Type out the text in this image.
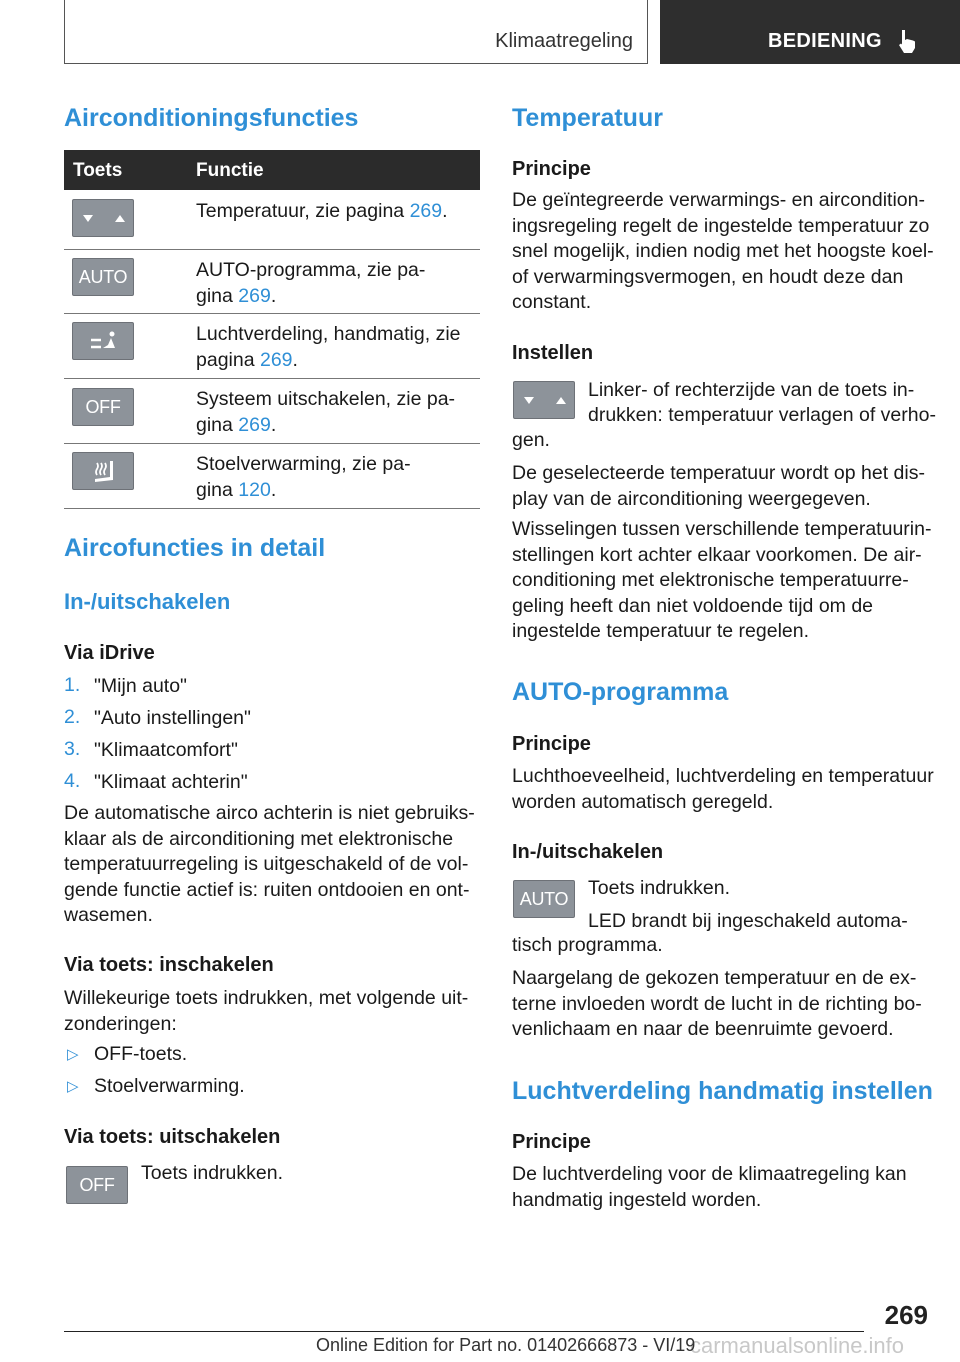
Klimaatregeling	BEDIENING
Airconditioningsfuncties
Toets	Functie
Temperatuur, zie pagina 269.
AUTO	AUTO-programma, zie pa-
gina 269.
Luchtverdeling, handmatig, zie
pagina 269.
OFF	Systeem uitschakelen, zie pa-
gina 269.
Stoelverwarming, zie pa-
gina 120.
Aircofuncties in detail
In-/uitschakelen
Via iDrive
1. "Mijn auto"
2. "Auto instellingen"
3. "Klimaatcomfort"
4. "Klimaat achterin"
De automatische airco achterin is niet gebruiks-
klaar als de airconditioning met elektronische
temperatuurregeling is uitgeschakeld of de vol-
gende functie actief is: ruiten ontdooien en ont-
wasemen.
Via toets: inschakelen
Willekeurige toets indrukken, met volgende uit-
zonderingen:
▷ OFF-toets.
▷ Stoelverwarming.
Via toets: uitschakelen
OFF
Toets indrukken.
Temperatuur
Principe
De geïntegreerde verwarmings- en aircondition-
ingsregeling regelt de ingestelde temperatuur zo
snel mogelijk, indien nodig met het hoogste koel-
of verwarmingsvermogen, en houdt deze dan
constant.
Instellen
Linker- of rechterzijde van de toets in-
drukken: temperatuur verlagen of verho-
gen.
De geselecteerde temperatuur wordt op het dis-
play van de airconditioning weergegeven.
Wisselingen tussen verschillende temperatuurin-
stellingen kort achter elkaar voorkomen. De air-
conditioning met elektronische temperatuurre-
geling heeft dan niet voldoende tijd om de
ingestelde temperatuur te regelen.
AUTO-programma
Principe
Luchthoeveelheid, luchtverdeling en temperatuur
worden automatisch geregeld.
In-/uitschakelen
AUTO Toets indrukken.
LED brandt bij ingeschakeld automa-
tisch programma.
Naargelang de gekozen temperatuur en de ex-
terne invloeden wordt de lucht in de richting bo-
venlichaam en naar de beenruimte gevoerd.
Luchtverdeling handmatig instellen
Principe
De luchtverdeling voor de klimaatregeling kan
handmatig ingesteld worden.
269
carmanualsonline.info
Online Edition for Part no. 01402666873 - VI/19
